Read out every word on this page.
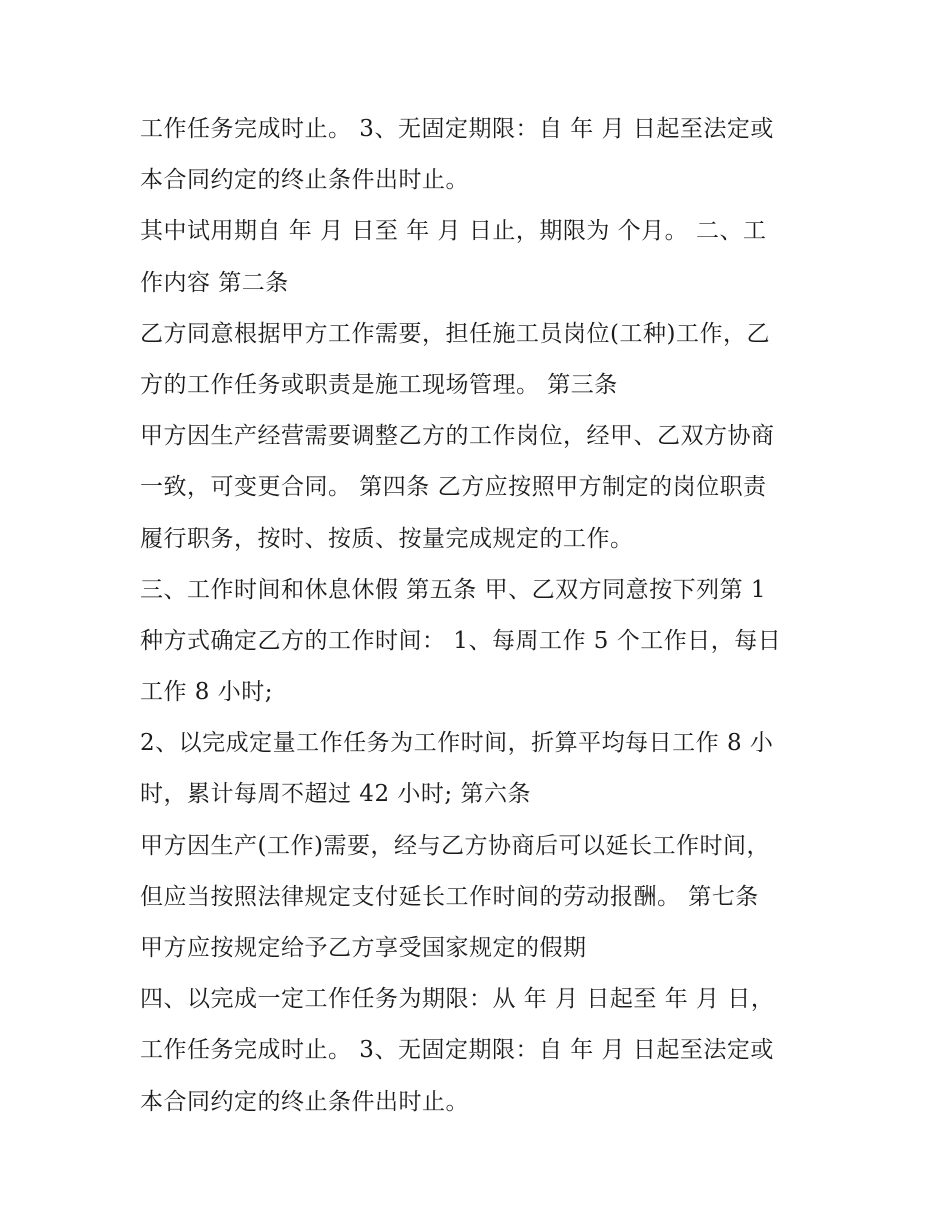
工作任务完成时止。 3、无固定期限：自 年 月 日起至法定或
本合同约定的终止条件出时止。
其中试用期自 年 月 日至 年 月 日止，期限为 个月。 二、工
作内容 第二条
乙方同意根据甲方工作需要，担任施工员岗位(工种)工作，乙
方的工作任务或职责是施工现场管理。 第三条
甲方因生产经营需要调整乙方的工作岗位，经甲、乙双方协商
一致，可变更合同。 第四条 乙方应按照甲方制定的岗位职责
履行职务，按时、按质、按量完成规定的工作。
三、工作时间和休息休假 第五条 甲、乙双方同意按下列第 1
种方式确定乙方的工作时间： 1、每周工作 5 个工作日，每日
工作 8 小时;
2、以完成定量工作任务为工作时间，折算平均每日工作 8 小
时，累计每周不超过 42 小时; 第六条
甲方因生产(工作)需要，经与乙方协商后可以延长工作时间，
但应当按照法律规定支付延长工作时间的劳动报酬。 第七条
甲方应按规定给予乙方享受国家规定的假期
四、以完成一定工作任务为期限：从 年 月 日起至 年 月 日，
工作任务完成时止。 3、无固定期限：自 年 月 日起至法定或
本合同约定的终止条件出时止。
